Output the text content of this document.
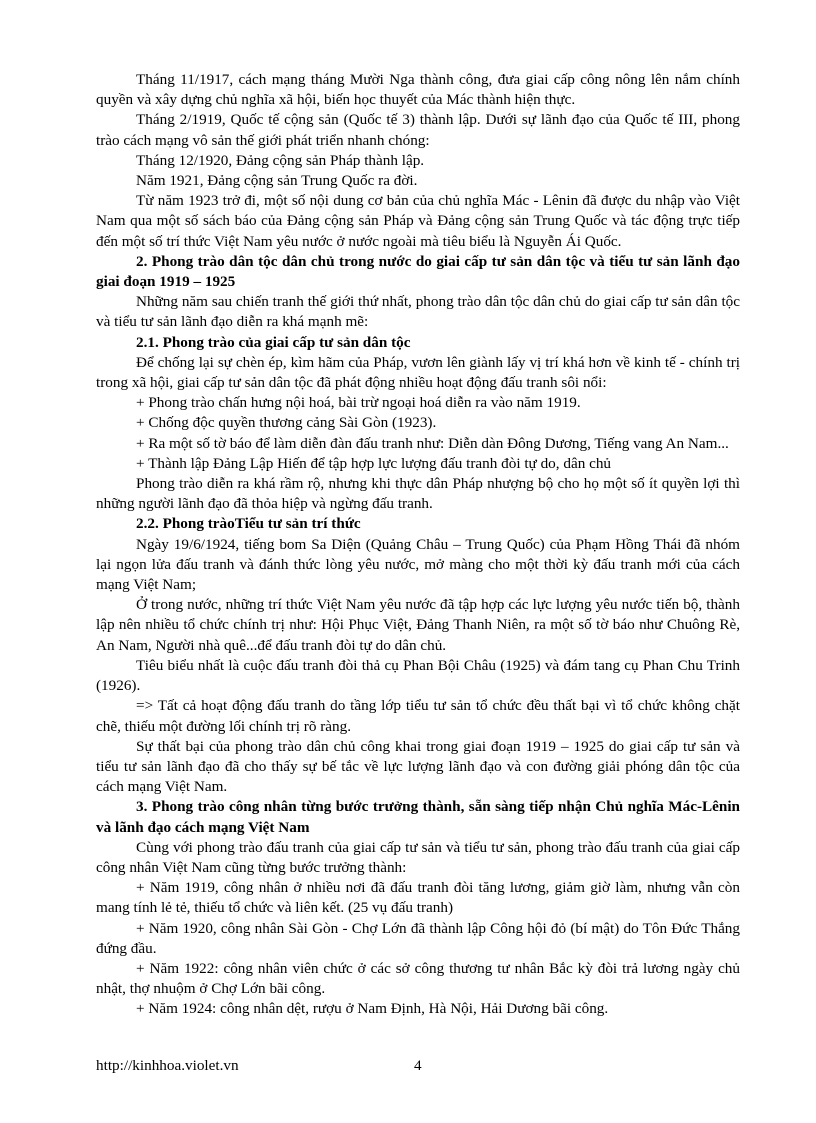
Tháng 11/1917, cách mạng tháng Mười Nga thành công, đưa giai cấp công nông lên nắm chính quyền và xây dựng chủ nghĩa xã hội, biến học thuyết của Mác thành hiện thực.

Tháng 2/1919, Quốc tế cộng sản (Quốc tế 3) thành lập. Dưới sự lãnh đạo của Quốc tế III, phong trào cách mạng vô sản thế giới phát triển nhanh chóng:

Tháng 12/1920, Đảng cộng sản Pháp thành lập.

Năm 1921, Đảng cộng sản Trung Quốc ra đời.

Từ năm 1923 trở đi, một số nội dung cơ bản của chủ nghĩa Mác - Lênin đã được du nhập vào Việt Nam qua một số sách báo của Đảng cộng sản Pháp và Đảng cộng sản Trung Quốc và tác động trực tiếp đến một số trí thức Việt Nam yêu nước ở nước ngoài mà tiêu biểu là Nguyễn Ái Quốc.

2. Phong trào dân tộc dân chủ trong nước do giai cấp tư sản dân tộc và tiểu tư sản lãnh đạo giai đoạn 1919 – 1925

Những năm sau chiến tranh thế giới thứ nhất, phong trào dân tộc dân chủ do giai cấp tư sản dân tộc và tiểu tư sản lãnh đạo diễn ra khá mạnh mẽ:

2.1. Phong trào của giai cấp tư sản dân tộc

Để chống lại sự chèn ép, kìm hãm của Pháp, vươn lên giành lấy vị trí khá hơn về kinh tế - chính trị trong xã hội, giai cấp tư sản dân tộc đã phát động nhiều hoạt động đấu tranh sôi nổi:

+ Phong trào chấn hưng nội hoá, bài trừ ngoại hoá diễn ra vào năm 1919.

+ Chống độc quyền thương cảng Sài Gòn (1923).

+ Ra một số tờ báo để làm diễn đàn đấu tranh như: Diễn dàn Đông Dương, Tiếng vang An Nam...

+ Thành lập Đảng Lập Hiến để tập hợp lực lượng đấu tranh đòi tự do, dân chủ

Phong trào diễn ra khá rầm rộ, nhưng khi thực dân Pháp nhượng bộ cho họ một số ít quyền lợi thì những người lãnh đạo đã thỏa hiệp và ngừng đấu tranh.

2.2. Phong tràoTiểu tư sản trí thức

Ngày 19/6/1924, tiếng bom Sa Diện (Quảng Châu – Trung Quốc) của Phạm Hồng Thái đã nhóm lại ngọn lửa đấu tranh và đánh thức lòng yêu nước, mở màng cho một thời kỳ đấu tranh mới của cách mạng Việt Nam;

Ở trong nước, những trí thức Việt Nam yêu nước đã tập hợp các lực lượng yêu nước tiến bộ, thành lập nên nhiều tổ chức chính trị như: Hội Phục Việt, Đảng Thanh Niên, ra một số tờ báo như Chuông Rè, An Nam, Người nhà quê...để đấu tranh đòi tự do dân chủ.

Tiêu biểu nhất là cuộc đấu tranh đòi thả cụ Phan Bội Châu (1925) và đám tang cụ Phan Chu Trinh (1926).

=> Tất cả hoạt động đấu tranh do tầng lớp tiểu tư sản tổ chức đều thất bại vì tổ chức không chặt chẽ, thiếu một đường lối chính trị rõ ràng.

Sự thất bại của phong trào dân chủ công khai trong giai đoạn 1919 – 1925 do giai cấp tư sản và tiểu tư sản lãnh đạo đã cho thấy sự bế tắc về lực lượng lãnh đạo và con đường giải phóng dân tộc của cách mạng Việt Nam.

3. Phong trào công nhân từng bước trưởng thành, sẵn sàng tiếp nhận Chủ nghĩa Mác-Lênin và lãnh đạo cách mạng Việt Nam

Cùng với phong trào đấu tranh của giai cấp tư sản và tiểu tư sản, phong trào đấu tranh của giai cấp công nhân Việt Nam cũng từng bước trưởng thành:

+ Năm 1919, công nhân ở nhiều nơi đã đấu tranh đòi tăng lương, giảm giờ làm, nhưng vẫn còn mang tính lẻ tẻ, thiếu tổ chức và liên kết. (25 vụ đấu tranh)

+ Năm 1920, công nhân Sài Gòn - Chợ Lớn đã thành lập Công hội đỏ (bí mật) do Tôn Đức Thắng đứng đầu.

+ Năm 1922: công nhân viên chức ở các sở công thương tư nhân Bắc kỳ đòi trả lương ngày chủ nhật, thợ nhuộm ở Chợ Lớn bãi công.

+ Năm 1924: công nhân dệt, rượu ở Nam Định, Hà Nội, Hải Dương bãi công.

http://kinhhoa.violet.vn	4
